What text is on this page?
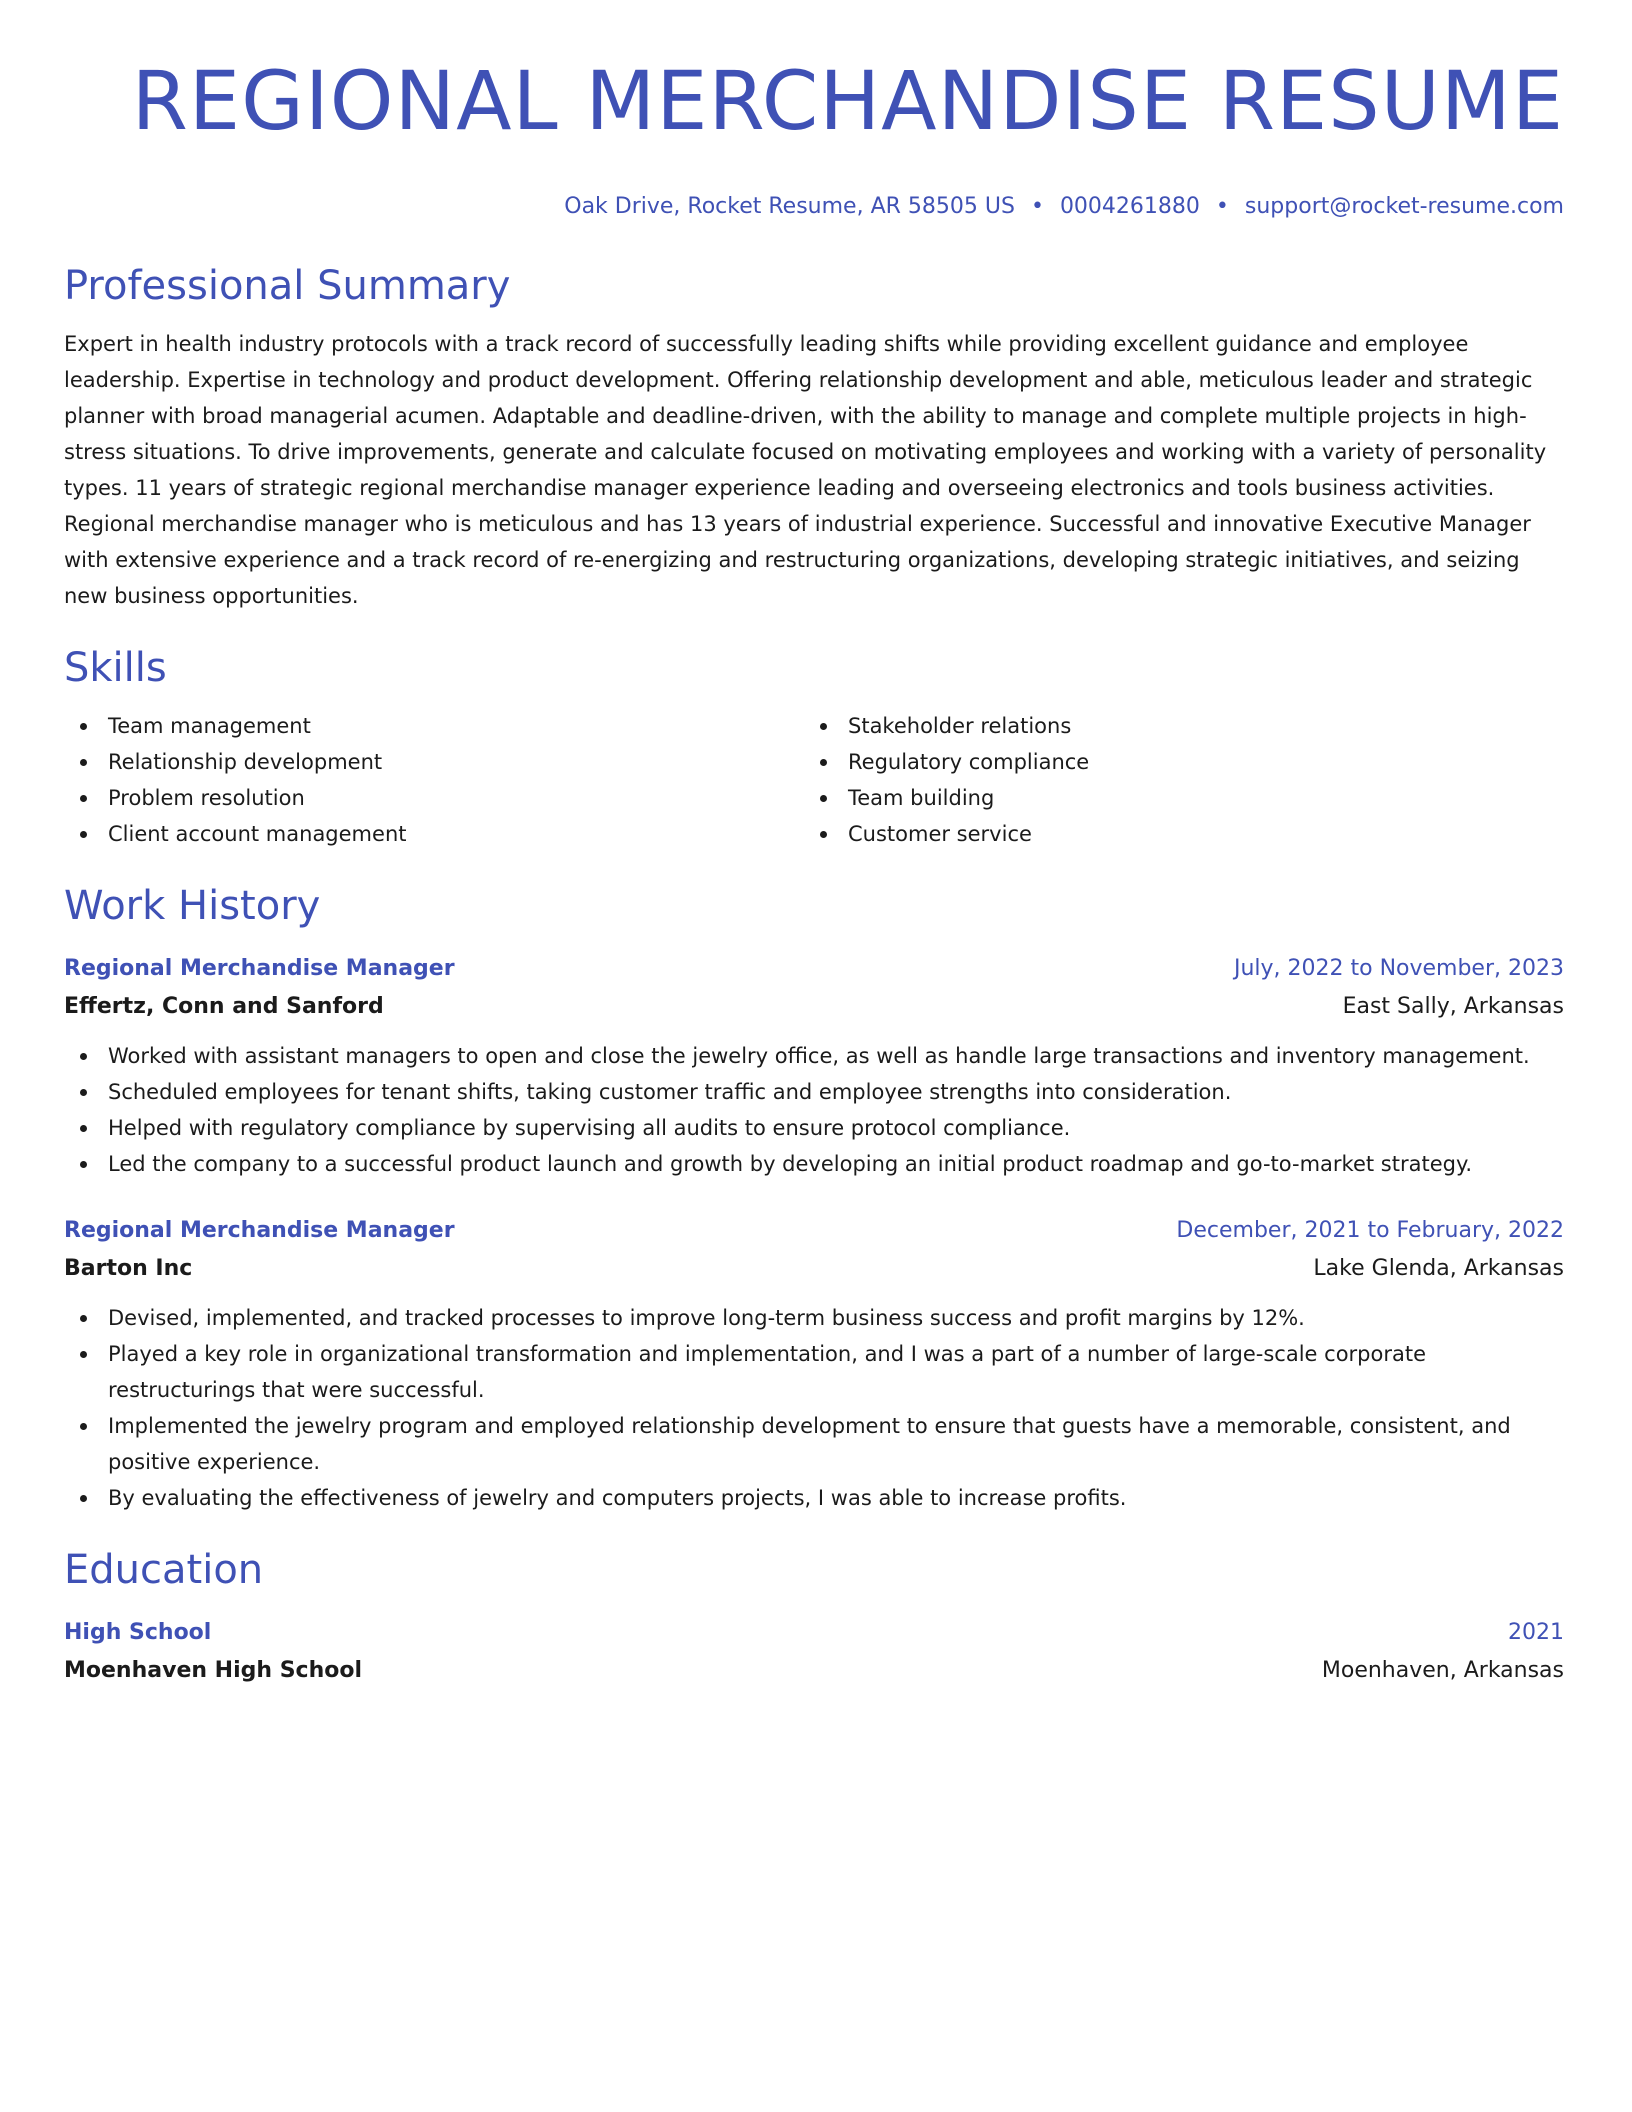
REGIONAL MERCHANDISE RESUME
Oak Drive, Rocket Resume, AR 58505 US • 0004261880 • support@rocket-resume.com
Professional Summary
Expert in health industry protocols with a track record of successfully leading shifts while providing excellent guidance and employee leadership. Expertise in technology and product development. Offering relationship development and able, meticulous leader and strategic planner with broad managerial acumen. Adaptable and deadline-driven, with the ability to manage and complete multiple projects in high-stress situations. To drive improvements, generate and calculate focused on motivating employees and working with a variety of personality types. 11 years of strategic regional merchandise manager experience leading and overseeing electronics and tools business activities. Regional merchandise manager who is meticulous and has 13 years of industrial experience. Successful and innovative Executive Manager with extensive experience and a track record of re-energizing and restructuring organizations, developing strategic initiatives, and seizing new business opportunities.
Skills
Team management
Relationship development
Problem resolution
Client account management
Stakeholder relations
Regulatory compliance
Team building
Customer service
Work History
Regional Merchandise Manager	July, 2022 to November, 2023
Effertz, Conn and Sanford	East Sally, Arkansas
Worked with assistant managers to open and close the jewelry office, as well as handle large transactions and inventory management.
Scheduled employees for tenant shifts, taking customer traffic and employee strengths into consideration.
Helped with regulatory compliance by supervising all audits to ensure protocol compliance.
Led the company to a successful product launch and growth by developing an initial product roadmap and go-to-market strategy.
Regional Merchandise Manager	December, 2021 to February, 2022
Barton Inc	Lake Glenda, Arkansas
Devised, implemented, and tracked processes to improve long-term business success and profit margins by 12%.
Played a key role in organizational transformation and implementation, and I was a part of a number of large-scale corporate restructurings that were successful.
Implemented the jewelry program and employed relationship development to ensure that guests have a memorable, consistent, and positive experience.
By evaluating the effectiveness of jewelry and computers projects, I was able to increase profits.
Education
High School	2021
Moenhaven High School	Moenhaven, Arkansas
